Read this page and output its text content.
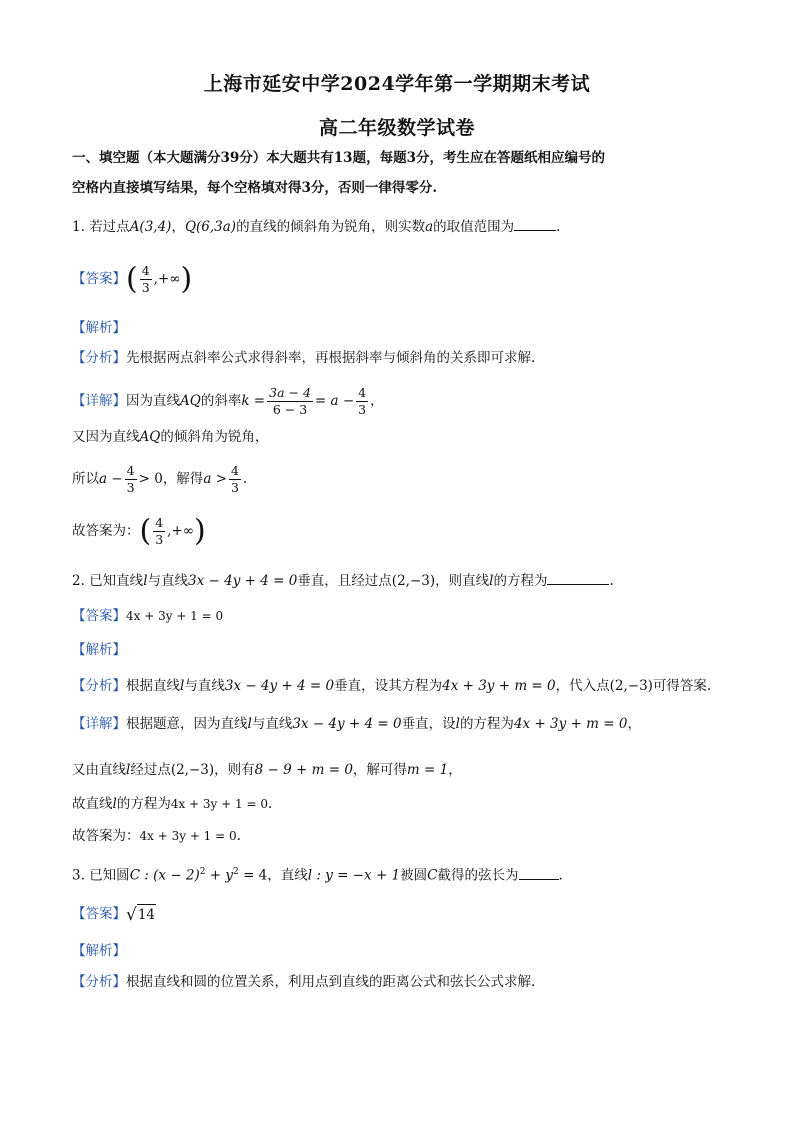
上海市延安中学2024学年第一学期期末考试
高二年级数学试卷
一、填空题（本大题满分39分）本大题共有13题，每题3分，考生应在答题纸相应编号的
空格内直接填写结果，每个空格填对得3分，否则一律得零分.
1. 若过点A(3,4)，Q(6,3a)的直线的倾斜角为锐角，则实数a的取值范围为	.
【答案】( $\frac{4}{3}$ ,+∞)
【解析】
【分析】先根据两点斜率公式求得斜率，再根据斜率与倾斜角的关系即可求解.
【详解】因为直线AQ的斜率$k = \frac{3a - 4}{6 - 3} = a - \frac{4}{3}$ ，
又因为直线AQ的倾斜角为锐角，
所以$a - \frac{4}{3} > 0$，解得$a > \frac{4}{3}$ .
故答案为：( $\frac{4}{3}$ ,+∞)
2. 已知直线l与直线3x − 4y + 4 = 0垂直，且经过点(2,−3)，则直线l的方程为	.
【答案】4x + 3y + 1 = 0
【解析】
【分析】根据直线l与直线3x − 4y + 4 = 0垂直，设其方程为4x + 3y + m = 0，代入点(2,−3)可得答案.
【详解】根据题意，因为直线l与直线3x − 4y + 4 = 0垂直，设l的方程为4x + 3y + m = 0，
又由直线l经过点(2,−3)，则有8 − 9 + m = 0，解可得m = 1，
故直线l的方程为4x + 3y + 1 = 0.
故答案为：4x + 3y + 1 = 0.
3. 已知圆C : $(x - 2)^2 + y^2 = 4$，直线l : y = −x + 1被圆C截得的弦长为	.
【答案】 √ 14
【解析】
【分析】根据直线和圆的位置关系，利用点到直线的距离公式和弦长公式求解.
